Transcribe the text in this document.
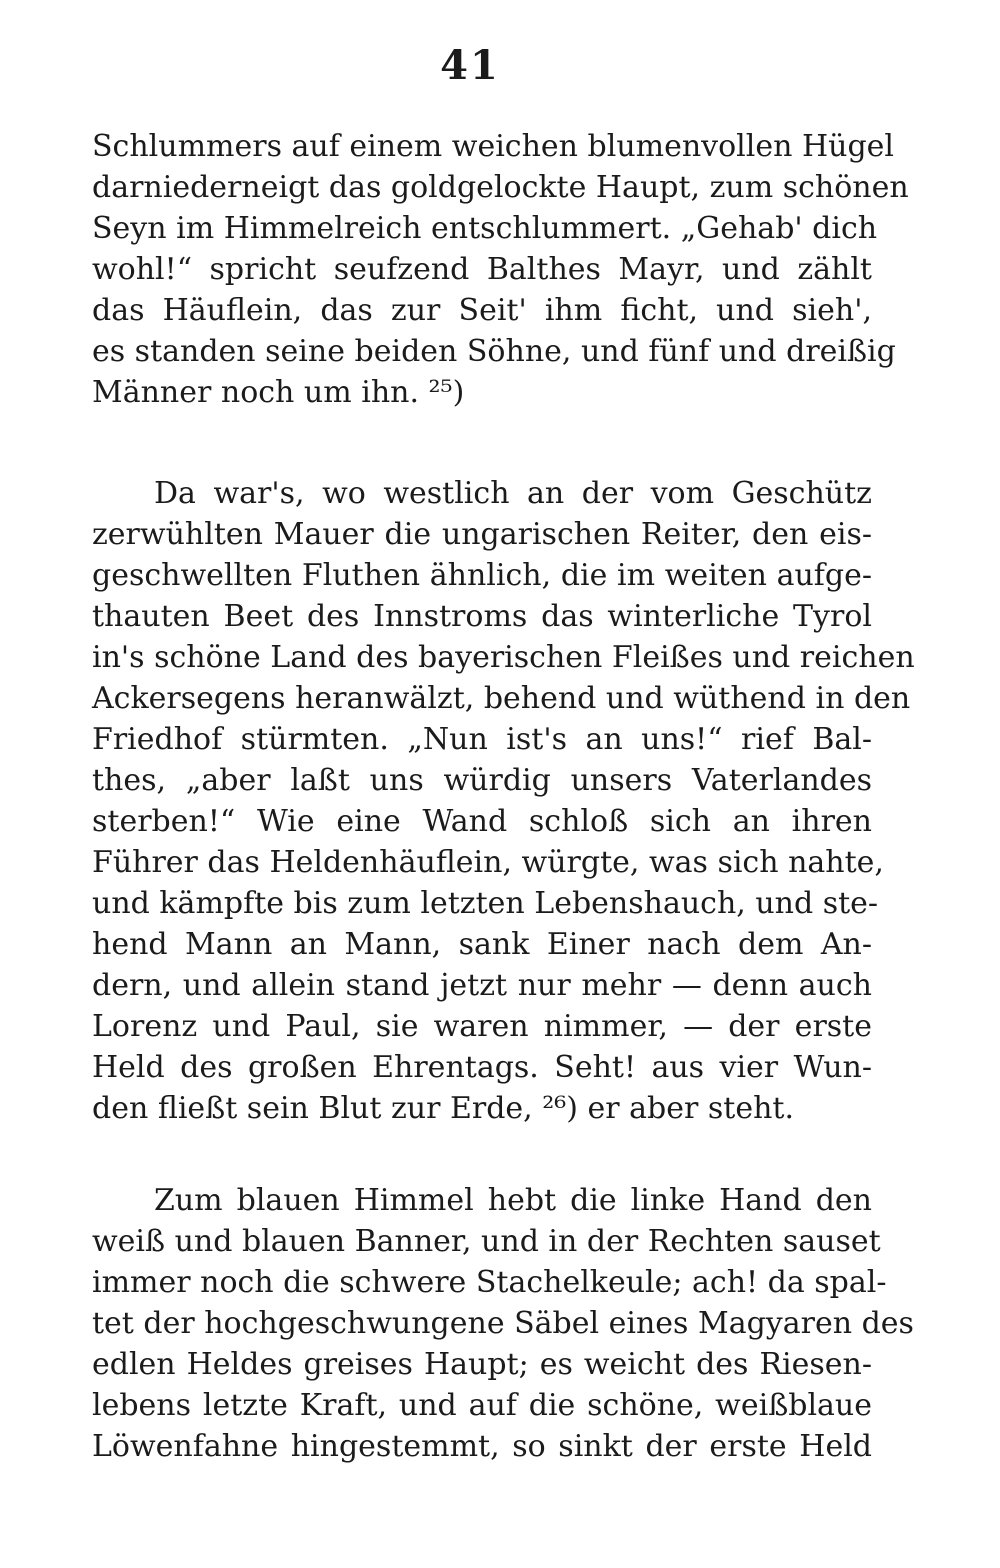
41
Schlummers auf einem weichen blumenvollen Hügel
darniederneigt das goldgelockte Haupt, zum schönen
Seyn im Himmelreich entschlummert. „Gehab' dich
wohl!“ spricht seufzend Balthes Mayr, und zählt
das Häuflein, das zur Seit' ihm ficht, und sieh',
es standen seine beiden Söhne, und fünf und dreißig
Männer noch um ihn. ²⁵)
Da war's, wo westlich an der vom Geschütz
zerwühlten Mauer die ungarischen Reiter, den eis-
geschwellten Fluthen ähnlich, die im weiten aufge-
thauten Beet des Innstroms das winterliche Tyrol
in's schöne Land des bayerischen Fleißes und reichen
Ackersegens heranwälzt, behend und wüthend in den
Friedhof stürmten. „Nun ist's an uns!“ rief Bal-
thes, „aber laßt uns würdig unsers Vaterlandes
sterben!“ Wie eine Wand schloß sich an ihren
Führer das Heldenhäuflein, würgte, was sich nahte,
und kämpfte bis zum letzten Lebenshauch, und ste-
hend Mann an Mann, sank Einer nach dem An-
dern, und allein stand jetzt nur mehr — denn auch
Lorenz und Paul, sie waren nimmer, — der erste
Held des großen Ehrentags. Seht! aus vier Wun-
den fließt sein Blut zur Erde, ²⁶) er aber steht.
Zum blauen Himmel hebt die linke Hand den
weiß und blauen Banner, und in der Rechten sauset
immer noch die schwere Stachelkeule; ach! da spal-
tet der hochgeschwungene Säbel eines Magyaren des
edlen Heldes greises Haupt; es weicht des Riesen-
lebens letzte Kraft, und auf die schöne, weißblaue
Löwenfahne hingestemmt, so sinkt der erste Held
